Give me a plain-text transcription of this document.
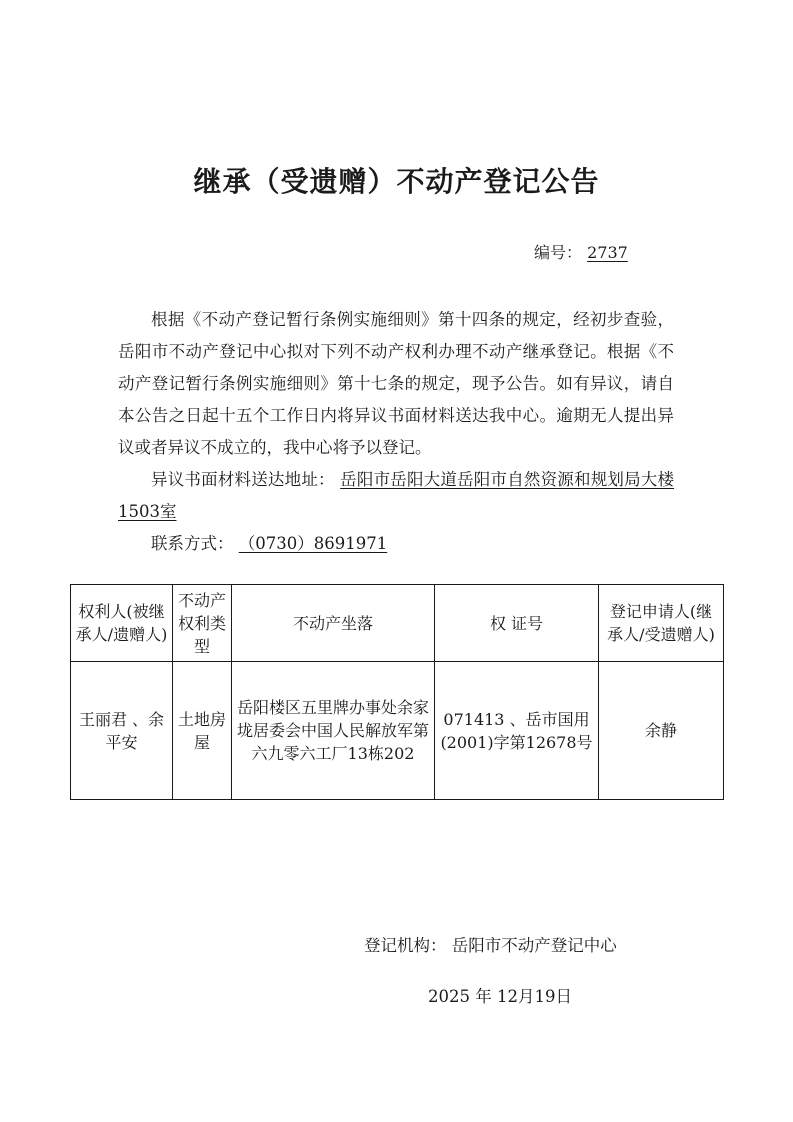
继承（受遗赠）不动产登记公告
编号： 2737

根据《不动产登记暂行条例实施细则》第十四条的规定，经初步查验，岳阳市不动产登记中心拟对下列不动产权利办理不动产继承登记。根据《不动产登记暂行条例实施细则》第十七条的规定，现予公告。如有异议，请自本公告之日起十五个工作日内将异议书面材料送达我中心。逾期无人提出异议或者异议不成立的，我中心将予以登记。

异议书面材料送达地址： 岳阳市岳阳大道岳阳市自然资源和规划局大楼1503室

联系方式： （0730）8691971

权利人(被继承人/遗赠人)	不动产权利类型	不动产坐落	权 证号	登记申请人(继承人/受遗赠人)
王丽君 、余平安	土地房屋	岳阳楼区五里牌办事处余家垅居委会中国人民解放军第六九零六工厂13栋202	071413 、岳市国用(2001)字第12678号	余静
登记机构： 岳阳市不动产登记中心
2025 年 12月19日
